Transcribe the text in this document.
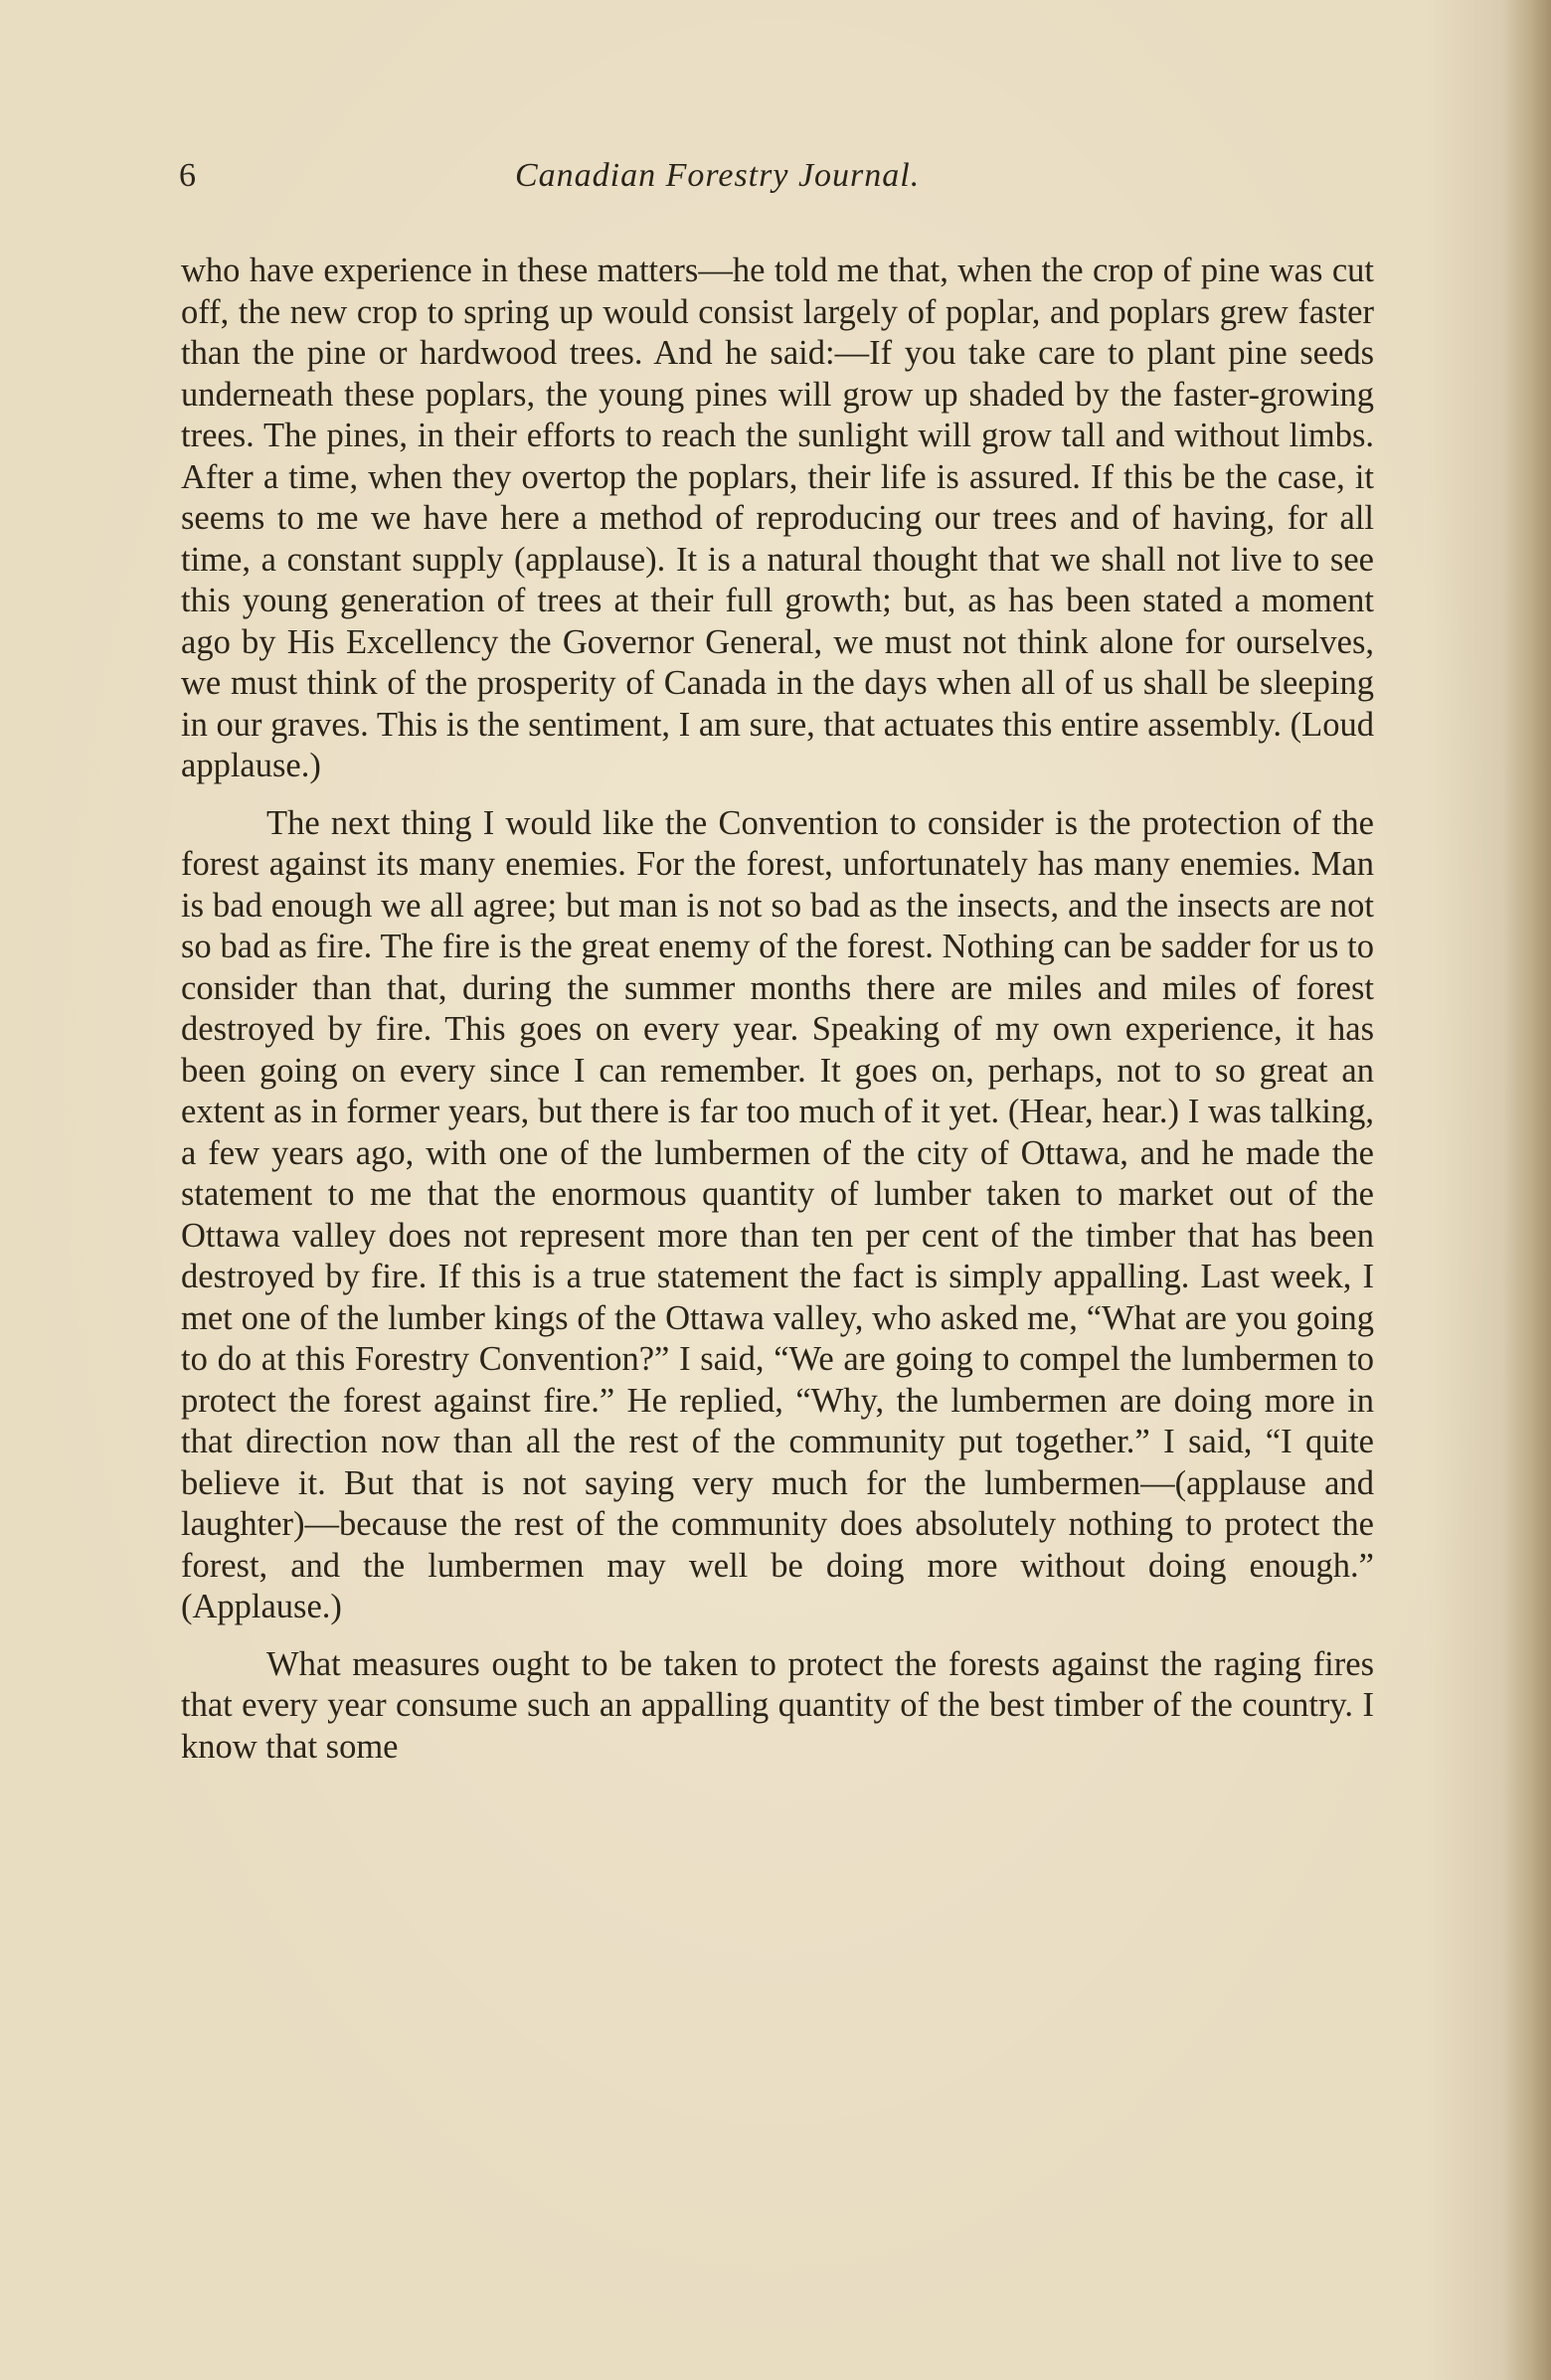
6	Canadian Forestry Journal.

who have experience in these matters—he told me that, when the crop of pine was cut off, the new crop to spring up would consist largely of poplar, and poplars grew faster than the pine or hardwood trees. And he said:—If you take care to plant pine seeds underneath these poplars, the young pines will grow up shaded by the faster-growing trees. The pines, in their efforts to reach the sunlight will grow tall and without limbs. After a time, when they overtop the poplars, their life is assured. If this be the case, it seems to me we have here a method of reproducing our trees and of having, for all time, a constant supply (applause). It is a natural thought that we shall not live to see this young generation of trees at their full growth; but, as has been stated a moment ago by His Excellency the Governor General, we must not think alone for ourselves, we must think of the prosperity of Canada in the days when all of us shall be sleeping in our graves. This is the sentiment, I am sure, that actuates this entire assembly. (Loud applause.)

The next thing I would like the Convention to consider is the protection of the forest against its many enemies. For the forest, unfortunately has many enemies. Man is bad enough we all agree; but man is not so bad as the insects, and the insects are not so bad as fire. The fire is the great enemy of the forest. Nothing can be sadder for us to consider than that, during the summer months there are miles and miles of forest destroyed by fire. This goes on every year. Speaking of my own experience, it has been going on every since I can remember. It goes on, perhaps, not to so great an extent as in former years, but there is far too much of it yet. (Hear, hear.) I was talking, a few years ago, with one of the lumbermen of the city of Ottawa, and he made the statement to me that the enormous quantity of lumber taken to market out of the Ottawa valley does not represent more than ten per cent of the timber that has been destroyed by fire. If this is a true statement the fact is simply appalling. Last week, I met one of the lumber kings of the Ottawa valley, who asked me, “What are you going to do at this Forestry Convention?” I said, “We are going to compel the lumbermen to protect the forest against fire.” He replied, “Why, the lumbermen are doing more in that direction now than all the rest of the community put together.” I said, “I quite believe it. But that is not saying very much for the lumbermen—(applause and laughter)—because the rest of the community does absolutely nothing to protect the forest, and the lumbermen may well be doing more without doing enough.” (Applause.)

What measures ought to be taken to protect the forests against the raging fires that every year consume such an appalling quantity of the best timber of the country. I know that some
